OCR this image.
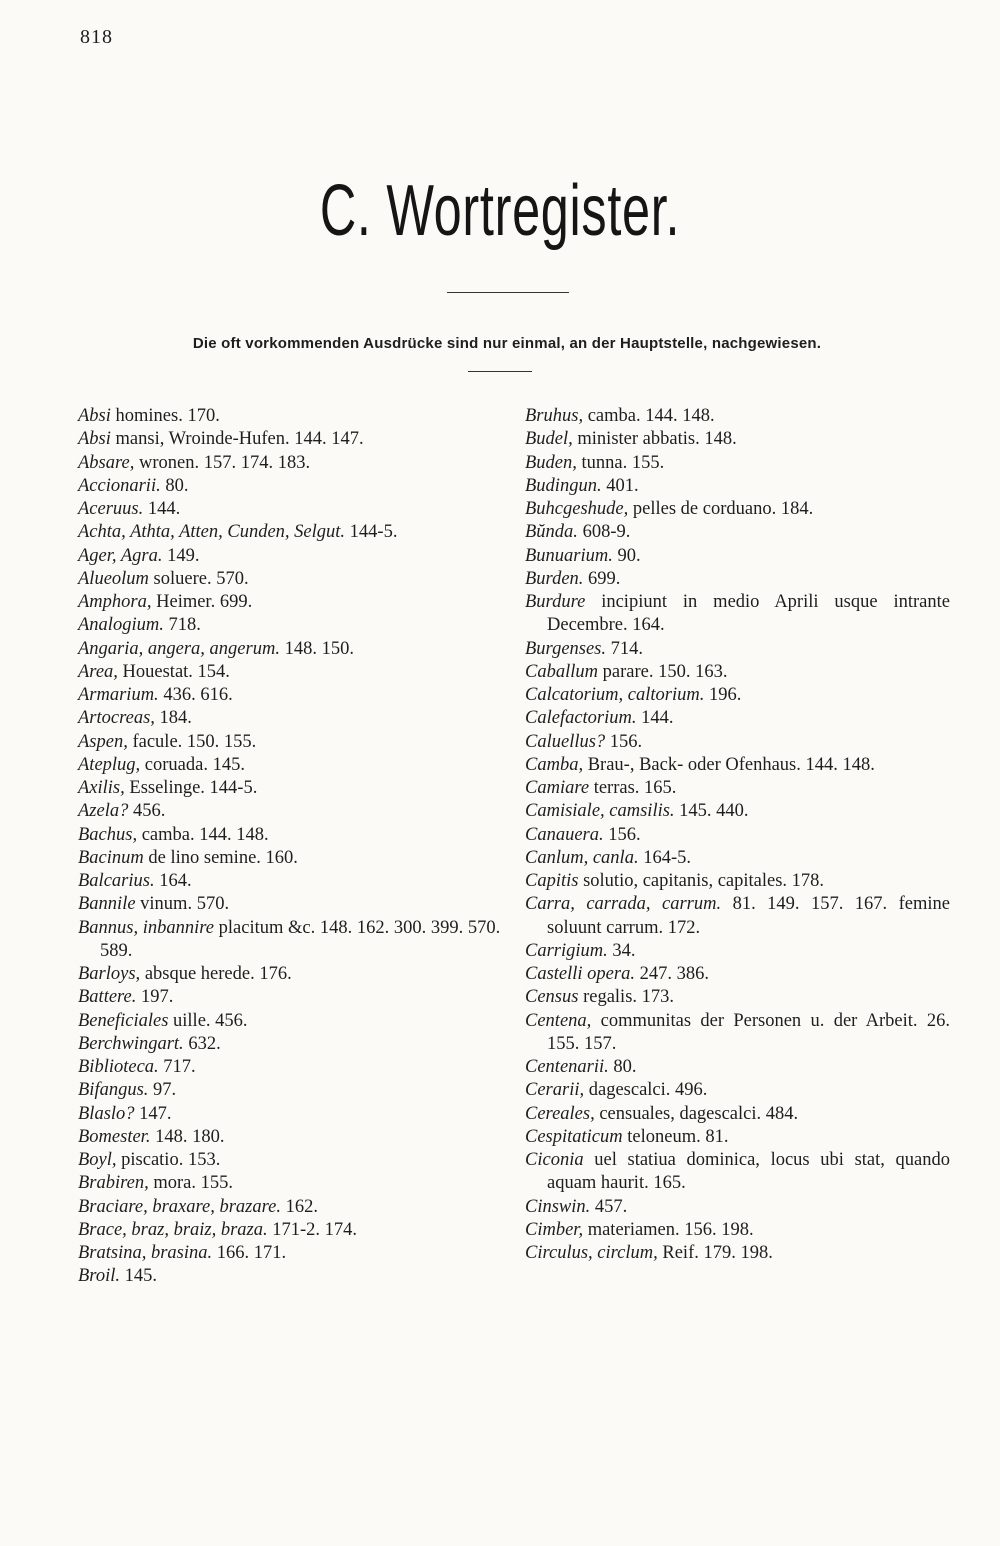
818
C. Wortregister.
Die oft vorkommenden Ausdrücke sind nur einmal, an der Hauptstelle, nachgewiesen.
Absi homines. 170.
Absi mansi, Wroinde-Hufen. 144. 147.
Absare, wronen. 157. 174. 183.
Accionarii. 80.
Aceruus. 144.
Achta, Athta, Atten, Cunden, Selgut. 144-5.
Ager, Agra. 149.
Alueolum soluere. 570.
Amphora, Heimer. 699.
Analogium. 718.
Angaria, angera, angerum. 148. 150.
Area, Houestat. 154.
Armarium. 436. 616.
Artocreas, 184.
Aspen, facule. 150. 155.
Ateplug, coruada. 145.
Axilis, Esselinge. 144-5.
Azela? 456.
Bachus, camba. 144. 148.
Bacinum de lino semine. 160.
Balcarius. 164.
Bannile vinum. 570.
Bannus, inbannire placitum &c. 148. 162. 300. 399. 570. 589.
Barloys, absque herede. 176.
Battere. 197.
Beneficiales uille. 456.
Berchwingart. 632.
Biblioteca. 717.
Bifangus. 97.
Blaslo? 147.
Bomester. 148. 180.
Boyl, piscatio. 153.
Brabiren, mora. 155.
Braciare, braxare, brazare. 162.
Brace, braz, braiz, braza. 171-2. 174.
Bratsina, brasina. 166. 171.
Broil. 145.
Bruhus, camba. 144. 148.
Budel, minister abbatis. 148.
Buden, tunna. 155.
Budingun. 401.
Buhcgeshude, pelles de corduano. 184.
Bŭnda. 608-9.
Bunuarium. 90.
Burden. 699.
Burdure incipiunt in medio Aprili usque intrante Decembre. 164.
Burgenses. 714.
Caballum parare. 150. 163.
Calcatorium, caltorium. 196.
Calefactorium. 144.
Caluellus? 156.
Camba, Brau-, Back- oder Ofenhaus. 144. 148.
Camiare terras. 165.
Camisiale, camsilis. 145. 440.
Canauera. 156.
Canlum, canla. 164-5.
Capitis solutio, capitanis, capitales. 178.
Carra, carrada, carrum. 81. 149. 157. 167. femine soluunt carrum. 172.
Carrigium. 34.
Castelli opera. 247. 386.
Census regalis. 173.
Centena, communitas der Personen u. der Arbeit. 26. 155. 157.
Centenarii. 80.
Cerarii, dagescalci. 496.
Cereales, censuales, dagescalci. 484.
Cespitaticum teloneum. 81.
Ciconia uel statiua dominica, locus ubi stat, quando aquam haurit. 165.
Cinswin. 457.
Cimber, materiamen. 156. 198.
Circulus, circlum, Reif. 179. 198.
